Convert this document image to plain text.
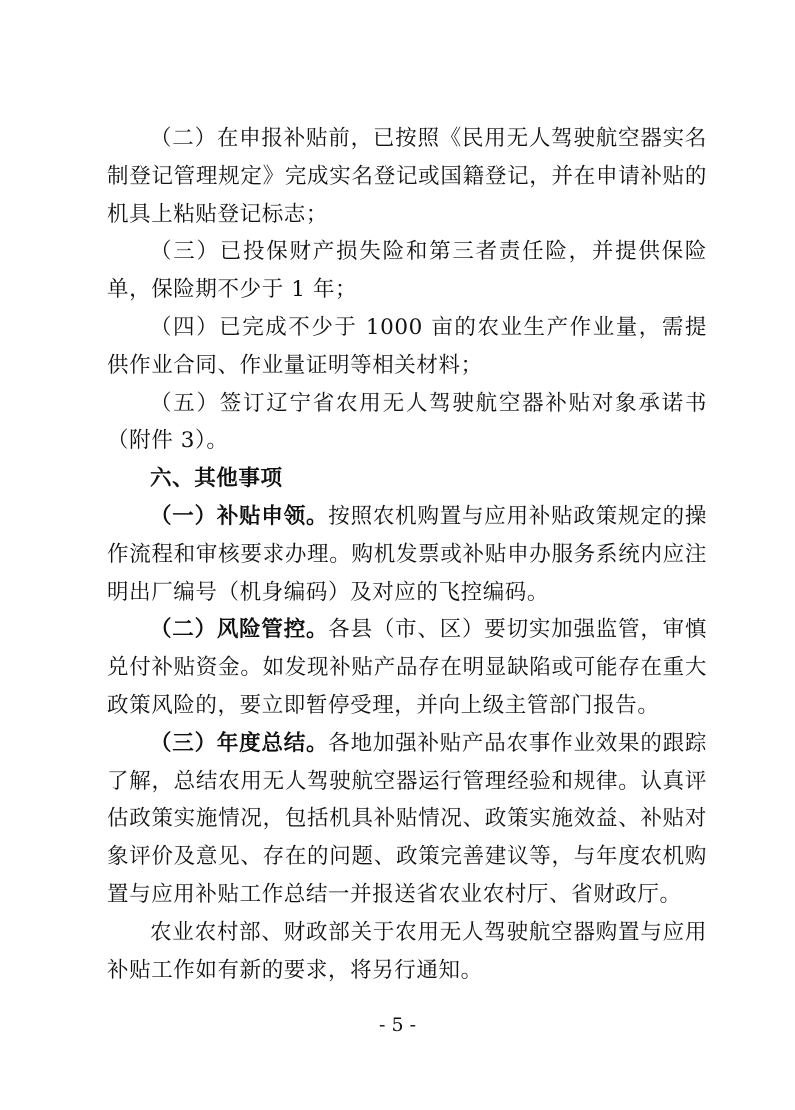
（二）在申报补贴前，已按照《民用无人驾驶航空器实名制登记管理规定》完成实名登记或国籍登记，并在申请补贴的机具上粘贴登记标志；

（三）已投保财产损失险和第三者责任险，并提供保险单，保险期不少于 1 年；

（四）已完成不少于 1000 亩的农业生产作业量，需提供作业合同、作业量证明等相关材料；

（五）签订辽宁省农用无人驾驶航空器补贴对象承诺书（附件 3）。

六、其他事项

（一）补贴申领。按照农机购置与应用补贴政策规定的操作流程和审核要求办理。购机发票或补贴申办服务系统内应注明出厂编号（机身编码）及对应的飞控编码。

（二）风险管控。各县（市、区）要切实加强监管，审慎兑付补贴资金。如发现补贴产品存在明显缺陷或可能存在重大政策风险的，要立即暂停受理，并向上级主管部门报告。

（三）年度总结。各地加强补贴产品农事作业效果的跟踪了解，总结农用无人驾驶航空器运行管理经验和规律。认真评估政策实施情况，包括机具补贴情况、政策实施效益、补贴对象评价及意见、存在的问题、政策完善建议等，与年度农机购置与应用补贴工作总结一并报送省农业农村厅、省财政厅。

农业农村部、财政部关于农用无人驾驶航空器购置与应用补贴工作如有新的要求，将另行通知。

- 5 -
